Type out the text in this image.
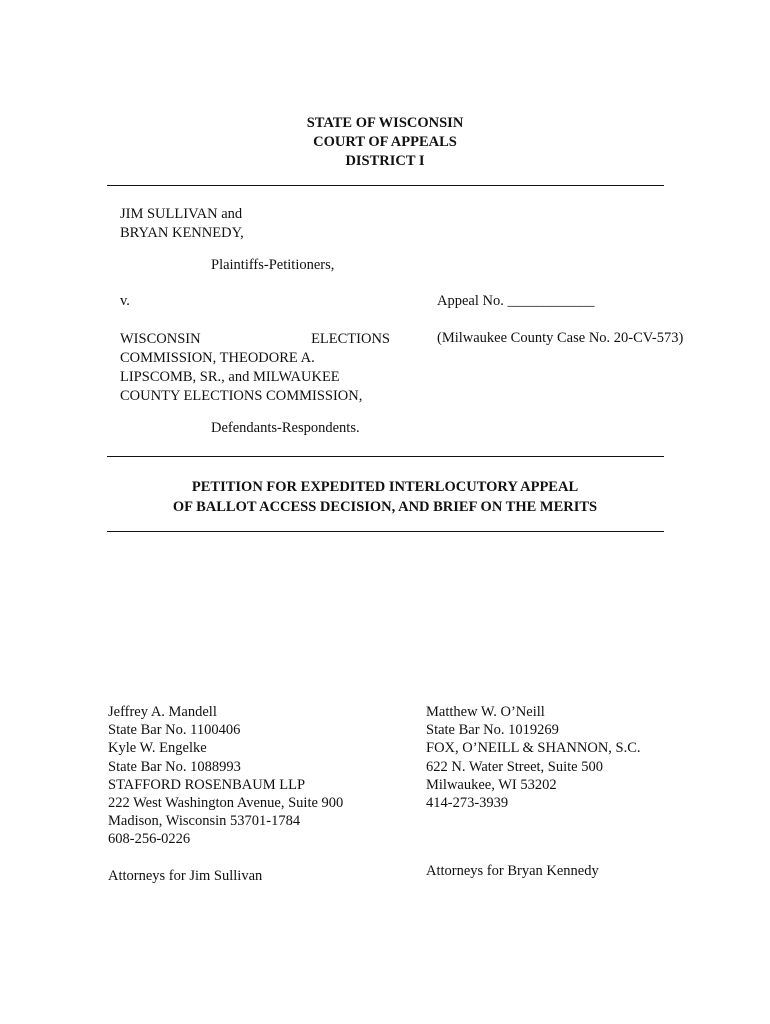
STATE OF WISCONSIN
COURT OF APPEALS
DISTRICT I
JIM SULLIVAN and
BRYAN KENNEDY,
Plaintiffs-Petitioners,
v.	Appeal No. ____________
WISCONSIN	ELECTIONS
COMMISSION, THEODORE A.
LIPSCOMB, SR., and MILWAUKEE
COUNTY ELECTIONS COMMISSION,
(Milwaukee County Case No. 20-CV-573)
Defendants-Respondents.
PETITION FOR EXPEDITED INTERLOCUTORY APPEAL
OF BALLOT ACCESS DECISION, AND BRIEF ON THE MERITS
Jeffrey A. Mandell
State Bar No. 1100406
Kyle W. Engelke
State Bar No. 1088993
STAFFORD ROSENBAUM LLP
222 West Washington Avenue, Suite 900
Madison, Wisconsin 53701-1784
608-256-0226
Attorneys for Jim Sullivan
Matthew W. O’Neill
State Bar No. 1019269
FOX, O’NEILL & SHANNON, S.C.
622 N. Water Street, Suite 500
Milwaukee, WI 53202
414-273-3939
Attorneys for Bryan Kennedy
